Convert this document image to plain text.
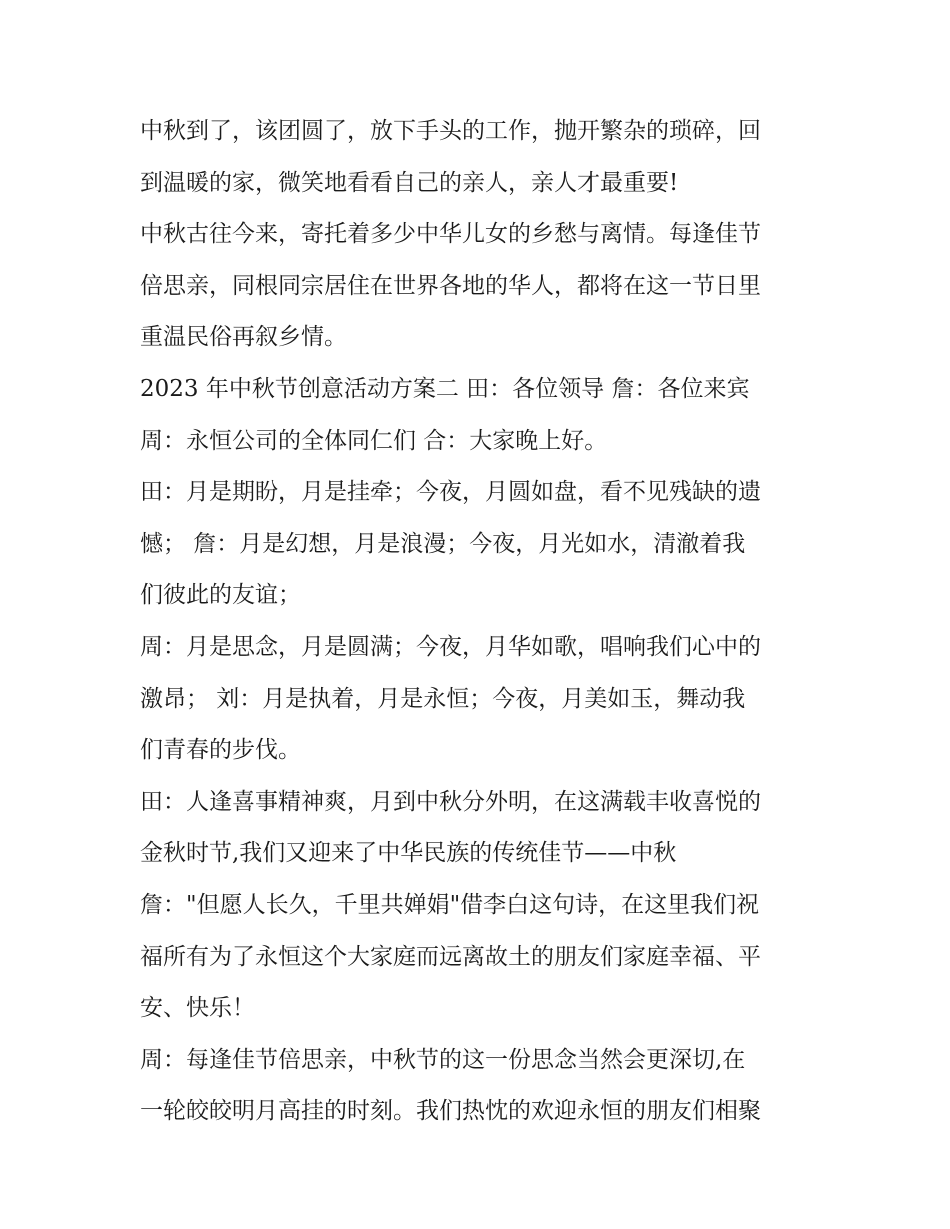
中秋到了，该团圆了，放下手头的工作，抛开繁杂的琐碎，回
到温暖的家，微笑地看看自己的亲人，亲人才最重要!
中秋古往今来，寄托着多少中华儿女的乡愁与离情。每逢佳节
倍思亲，同根同宗居住在世界各地的华人，都将在这一节日里
重温民俗再叙乡情。
2023 年中秋节创意活动方案二 田：各位领导 詹：各位来宾
周：永恒公司的全体同仁们 合：大家晚上好。
田：月是期盼，月是挂牵；今夜，月圆如盘，看不见残缺的遗
憾； 詹：月是幻想，月是浪漫；今夜，月光如水，清澈着我
们彼此的友谊；
周：月是思念，月是圆满；今夜，月华如歌，唱响我们心中的
激昂； 刘：月是执着，月是永恒；今夜，月美如玉，舞动我
们青春的步伐。
田：人逢喜事精神爽，月到中秋分外明，在这满载丰收喜悦的
金秋时节,我们又迎来了中华民族的传统佳节——中秋
詹："但愿人长久，千里共婵娟"借李白这句诗，在这里我们祝
福所有为了永恒这个大家庭而远离故土的朋友们家庭幸福、平
安、快乐！
周：每逢佳节倍思亲，中秋节的这一份思念当然会更深切,在
一轮皎皎明月高挂的时刻。我们热忱的欢迎永恒的朋友们相聚
